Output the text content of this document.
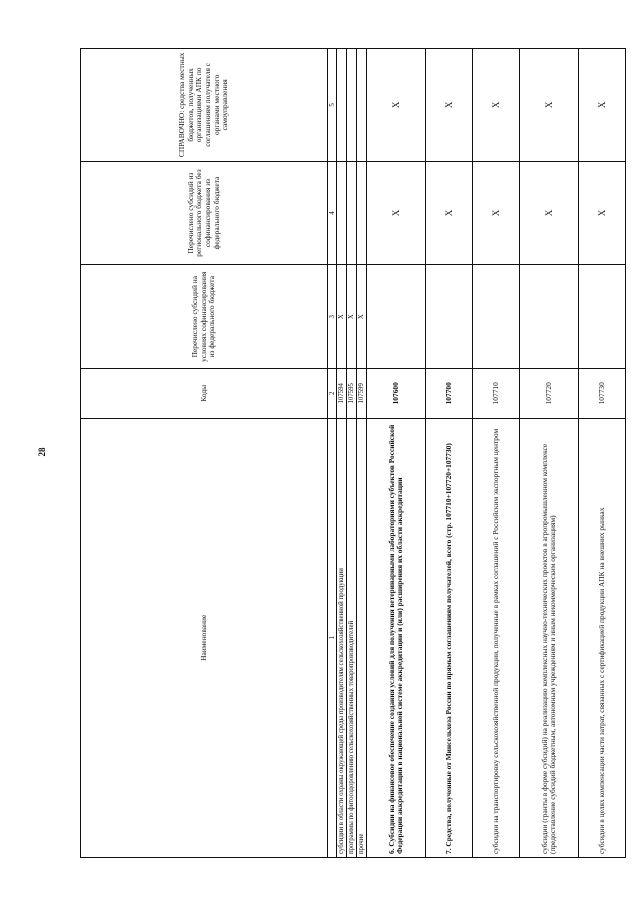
28
Наименование	Коды	Перечислено субсидий на условиях софинансирования из федерального бюджета	Перечислено субсидий из регионального бюджета без софинансирования из федерального бюджета	СПРАВОЧНО: средства местных бюджетов, полученных организациями АПК по соглашениям получателя с органами местного самоуправления
1	2	3	4	5
субсидии в области охраны окружающей среды производителям сельскохозяйственной продукции	107594	X		
программы по фитооздоровлению сельскохозяйственных товаропроизводителей	107595	X		
прочие	107599	X		
6. Субсидии на финансовое обеспечение создания условий для получения ветеринарными лабораториями субъектов Российской Федерации аккредитации в национальной системе аккредитации и (или) расширения их области аккредитации	107600		X	X
7. Средства, полученные от Минсельхоза России по прямым соглашениям получателей, всего (стр. 107710+107720+107730)	107700		X	X
субсидии на транспортировку сельскохозяйственной продукции, полученные в рамках соглашений с Российским экспортным центром	107710		X	X
субсидии (гранты в форме субсидий) на реализацию комплексных научно-технических проектов в агропромышленном комплексе (предоставление субсидий бюджетным, автономным учреждениям и иным некоммерческим организациям)	107720		X	X
субсидии в целях компенсации части затрат, связанных с сертификацией продукции АПК на внешних рынках	107730		X	X
